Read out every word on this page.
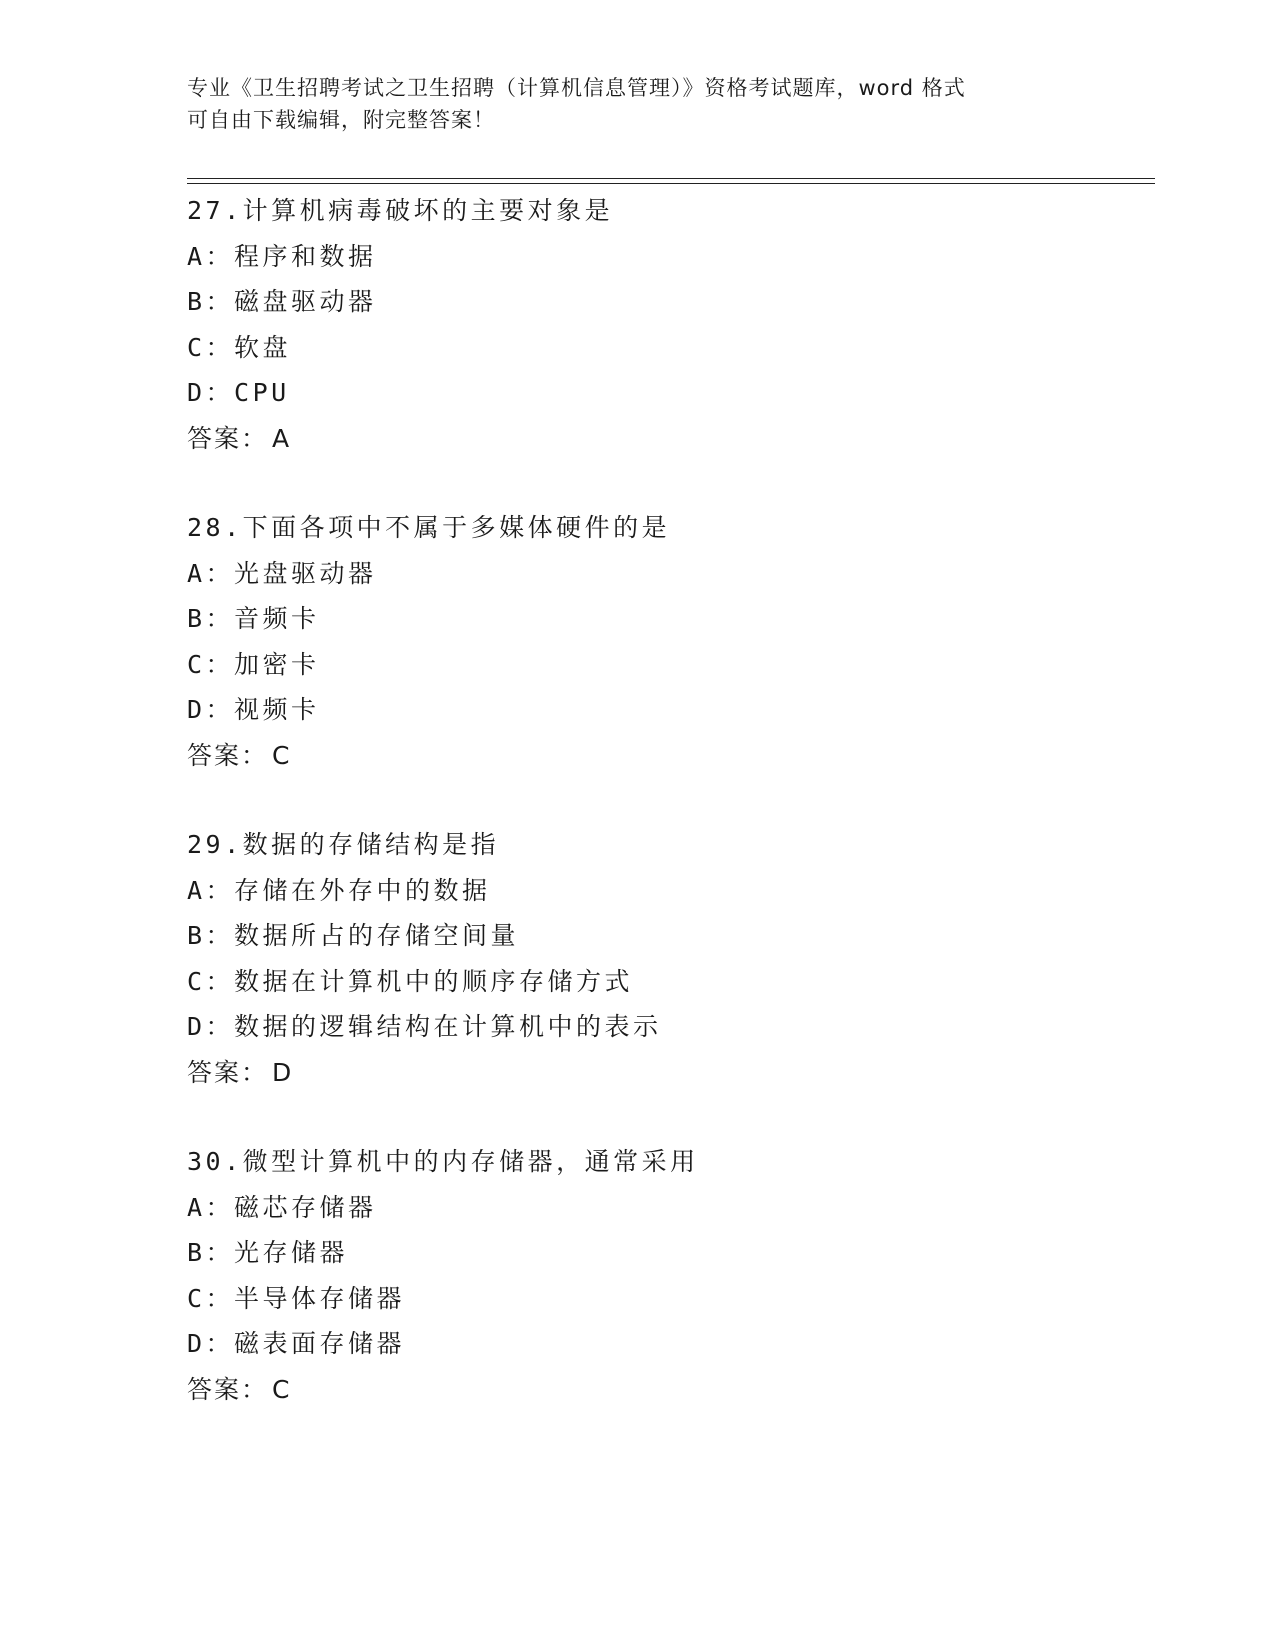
专业《卫生招聘考试之卫生招聘（计算机信息管理）》资格考试题库，word 格式
可自由下载编辑，附完整答案！
27.计算机病毒破坏的主要对象是
A：程序和数据
B：磁盘驱动器
C：软盘
D：CPU
答案： A
28.下面各项中不属于多媒体硬件的是
A：光盘驱动器
B：音频卡
C：加密卡
D：视频卡
答案： C
29.数据的存储结构是指
A：存储在外存中的数据
B：数据所占的存储空间量
C：数据在计算机中的顺序存储方式
D：数据的逻辑结构在计算机中的表示
答案： D
30.微型计算机中的内存储器，通常采用
A：磁芯存储器
B：光存储器
C：半导体存储器
D：磁表面存储器
答案： C
